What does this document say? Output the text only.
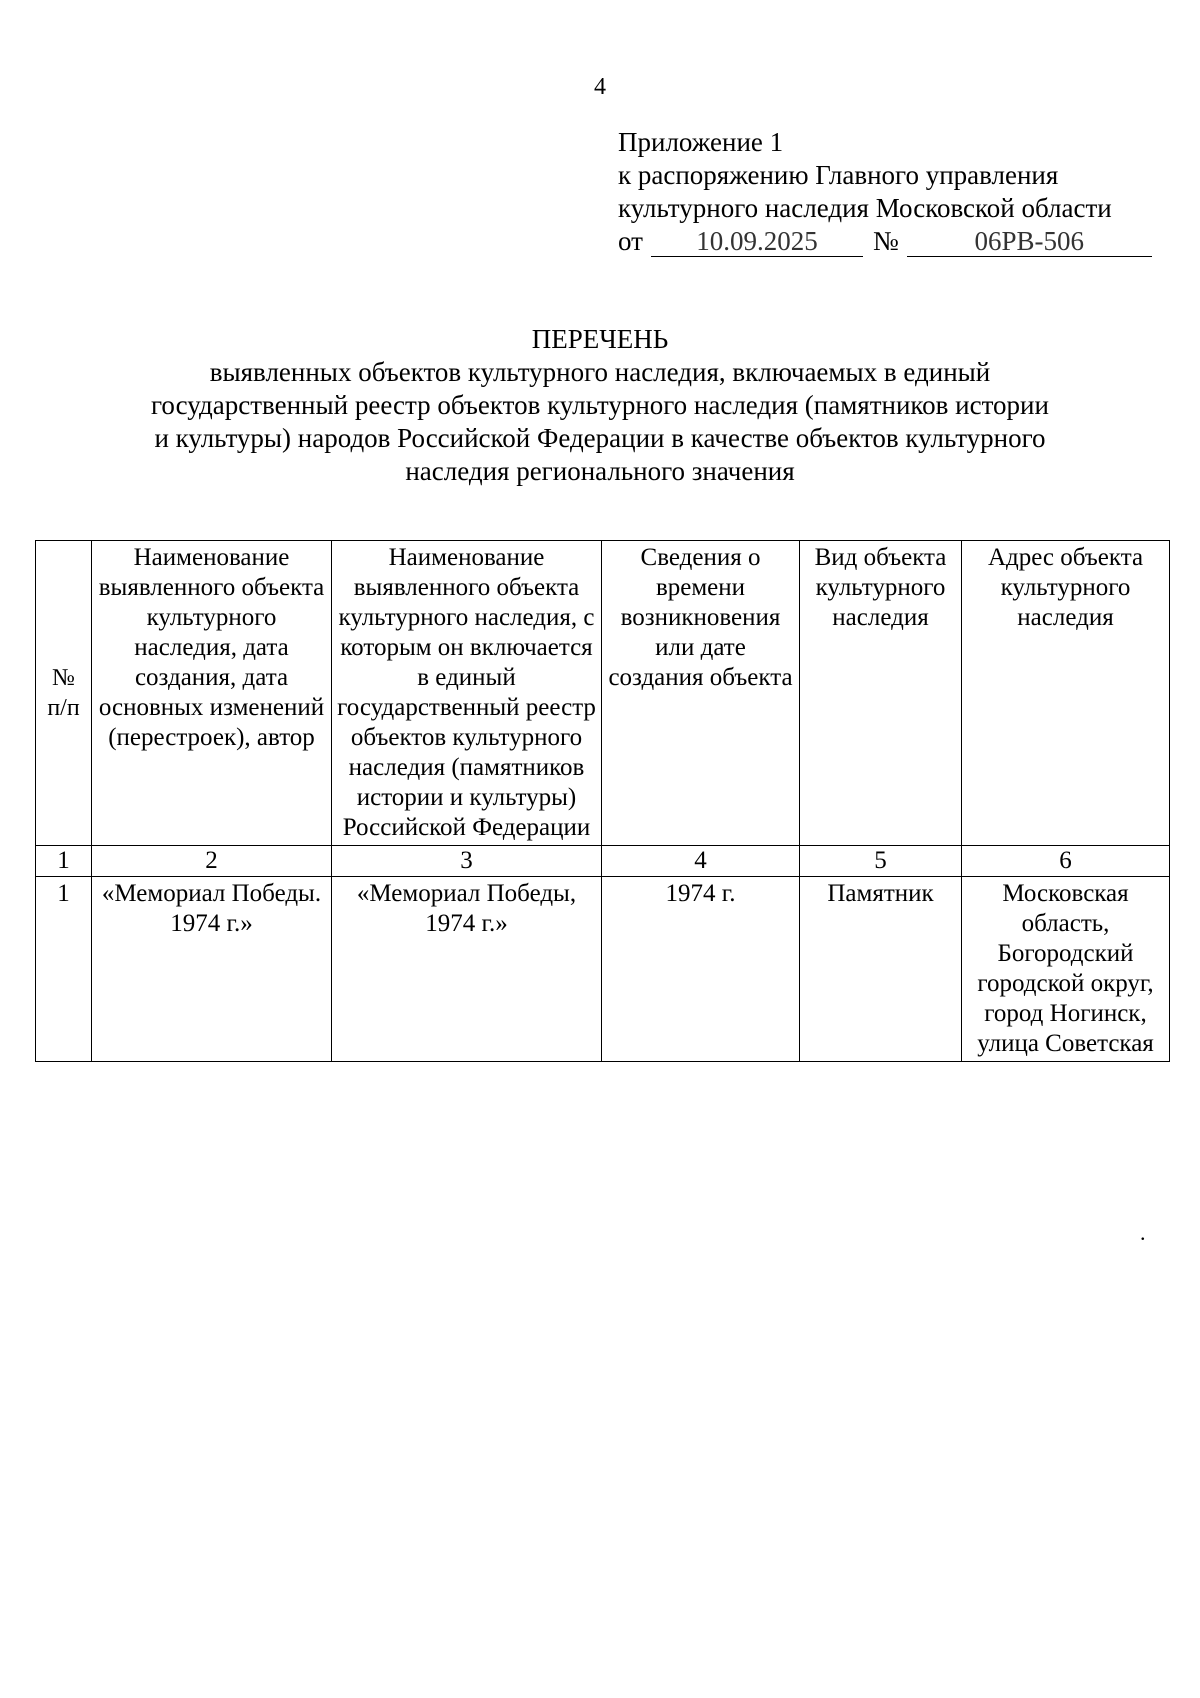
4
Приложение 1
к распоряжению Главного управления
культурного наследия Московской области
от 10.09.2025 №	06РВ-506
ПЕРЕЧЕНЬ
выявленных объектов культурного наследия, включаемых в единый
государственный реестр объектов культурного наследия (памятников истории
и культуры) народов Российской Федерации в качестве объектов культурного
наследия регионального значения
№
п/п	Наименование выявленного объекта культурного наследия, дата создания, дата основных изменений (перестроек), автор	Наименование выявленного объекта культурного наследия, с которым он включается в единый государственный реестр объектов культурного наследия (памятников истории и культуры) Российской Федерации	Сведения о времени возникновения или дате создания объекта	Вид объекта культурного наследия	Адрес объекта культурного наследия
1	2	3	4	5	6
1	«Мемориал Победы. 1974 г.»	«Мемориал Победы, 1974 г.»	1974 г.	Памятник	Московская область, Богородский городской округ, город Ногинск, улица Советская
.
